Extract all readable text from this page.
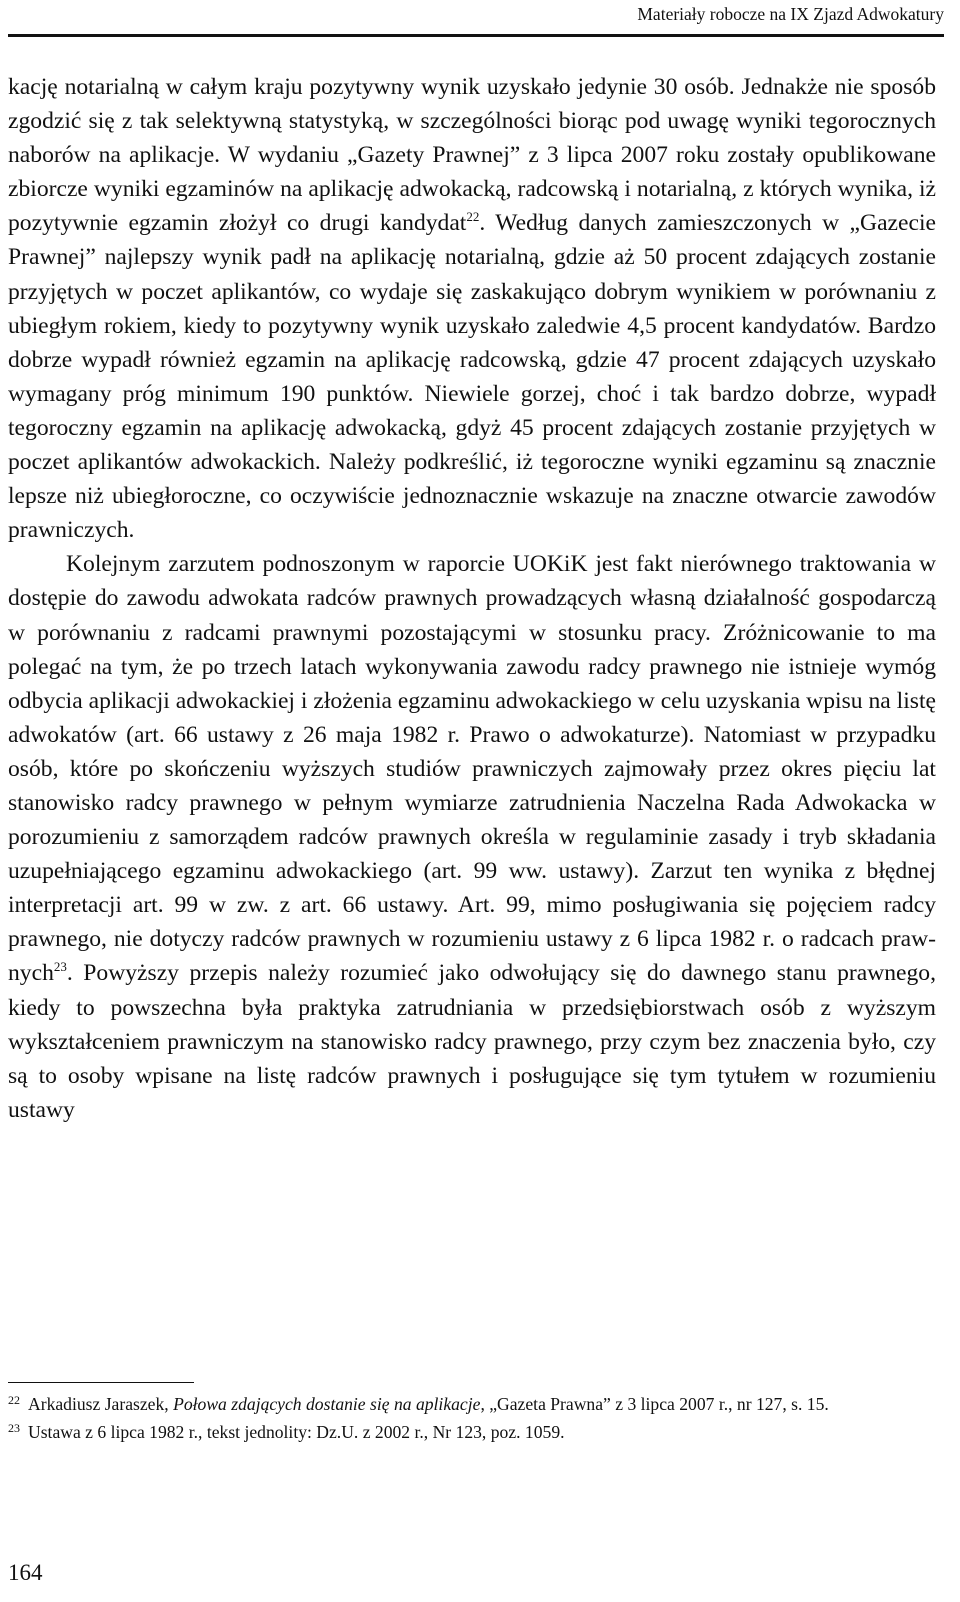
Materiały robocze na IX Zjazd Adwokatury

kację notarialną w całym kraju pozytywny wynik uzyskało jedynie 30 osób. Jednakże nie sposób zgodzić się z tak selektywną statystyką, w szczególności biorąc pod uwagę wyniki tegorocznych naborów na aplikacje. W wydaniu „Gazety Prawnej” z 3 lipca 2007 roku zostały opublikowane zbiorcze wyniki egzaminów na aplikację adwokacką, radcowską i notarialną, z których wynika, iż pozytywnie egzamin złożył co drugi kandydat$^{22}$. Według danych zamieszczonych w „Gazecie Prawnej” najlepszy wynik padł na aplikację notarialną, gdzie aż 50 procent zdających zostanie przyjętych w poczet aplikantów, co wydaje się zaskakująco dobrym wynikiem w porównaniu z ubiegłym rokiem, kiedy to pozytywny wynik uzyskało zaledwie 4,5 procent kandydatów. Bardzo dobrze wypadł również egzamin na aplikację radcowską, gdzie 47 procent zdających uzyskało wymagany próg minimum 190 punktów. Niewiele gorzej, choć i tak bardzo dobrze, wypadł tegoroczny egzamin na aplikację adwokacką, gdyż 45 procent zdających zostanie przyjętych w poczet aplikantów adwokackich. Należy podkreślić, iż tegoroczne wyniki egzaminu są znacznie lepsze niż ubiegłoroczne, co oczywiście jednoznacznie wskazuje na znaczne otwarcie zawodów prawniczych.

Kolejnym zarzutem podnoszonym w raporcie UOKiK jest fakt nierównego traktowania w dostępie do zawodu adwokata radców prawnych prowadzących własną działalność gospodarczą w porównaniu z radcami prawnymi pozostającymi w stosunku pracy. Zróżnicowanie to ma polegać na tym, że po trzech latach wykonywania zawodu radcy prawnego nie istnieje wymóg odbycia aplikacji adwokackiej i złożenia egzaminu adwokackiego w celu uzyskania wpisu na listę adwokatów (art. 66 ustawy z 26 maja 1982 r. Prawo o adwokaturze). Natomiast w przypadku osób, które po skończeniu wyższych studiów prawniczych zajmowały przez okres pięciu lat stanowisko radcy prawnego w pełnym wymiarze zatrudnienia Naczelna Rada Adwokacka w porozumieniu z samorządem radców prawnych określa w regulaminie zasady i tryb składania uzupełniającego egzaminu adwokackiego (art. 99 ww. ustawy). Zarzut ten wynika z błędnej interpretacji art. 99 w zw. z art. 66 ustawy. Art. 99, mimo posługiwania się pojęciem radcy prawnego, nie dotyczy radców prawnych w rozumieniu ustawy z 6 lipca 1982 r. o radcach prawnych$^{23}$. Powyższy przepis należy rozumieć jako odwołujący się do dawnego stanu prawnego, kiedy to powszechna była praktyka zatrudniania w przedsiębiorstwach osób z wyższym wykształceniem prawniczym na stanowisko radcy prawnego, przy czym bez znaczenia było, czy są to osoby wpisane na listę radców prawnych i posługujące się tym tytułem w rozumieniu ustawy

$^{22}$ Arkadiusz Jaraszek, Połowa zdających dostanie się na aplikacje, „Gazeta Prawna” z 3 lipca 2007 r., nr 127, s. 15.

$^{23}$ Ustawa z 6 lipca 1982 r., tekst jednolity: Dz.U. z 2002 r., Nr 123, poz. 1059.

164
